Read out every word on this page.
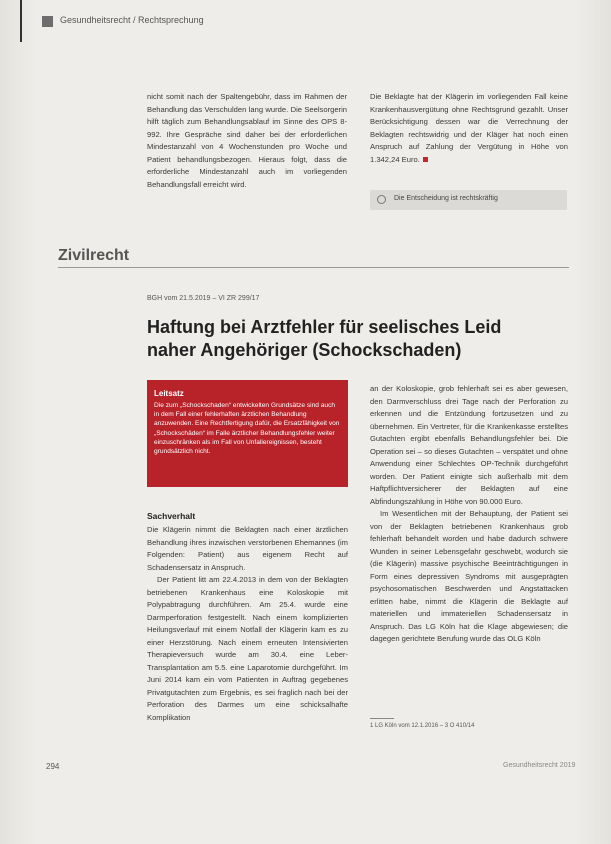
Gesundheitsrecht / Rechtsprechung

nicht somit nach der Spaltengebühr, dass im Rahmen der Behandlung das Verschulden lang wurde. Die Seelsorgerin hilft täglich zum Behandlungsablauf im Sinne des OPS 8-992. Ihre Gespräche sind daher bei der erforderlichen Mindestanzahl von 4 Wochenstunden pro Woche und Patient behandlungsbezogen. Hieraus folgt, dass die erforderliche Mindestanzahl auch im vorliegenden Behandlungsfall erreicht wird.

Die Beklagte hat der Klägerin im vorliegenden Fall keine Krankenhausvergütung ohne Rechtsgrund gezahlt. Unser Berücksichtigung dessen war die Verrechnung der Beklagten rechtswidrig und der Kläger hat noch einen Anspruch auf Zahlung der Vergütung in Höhe von 1.342,24 Euro.

Die Entscheidung ist rechtskräftig
Zivilrecht
BGH vom 21.5.2019 – VI ZR 299/17
Haftung bei Arztfehler für seelisches Leid naher Angehöriger (Schockschaden)
Leitsatz
Die zum „Schockschaden“ entwickelten Grundsätze sind auch in dem Fall einer fehlerhaften ärztlichen Behandlung anzuwenden. Eine Rechtfertigung dafür, die Ersatzfähigkeit von „Schockschäden“ im Falle ärztlicher Behandlungsfehler weiter einzuschränken als im Fall von Unfallereignissen, besteht grundsätzlich nicht.
Sachverhalt

Die Klägerin nimmt die Beklagten nach einer ärztlichen Behandlung ihres inzwischen verstorbenen Ehemannes (im Folgenden: Patient) aus eigenem Recht auf Schadensersatz in Anspruch.

Der Patient litt am 22.4.2013 in dem von der Beklagten betriebenen Krankenhaus eine Koloskopie mit Polypabtragung durchführen. Am 25.4. wurde eine Darmperforation festgestellt. Nach einem komplizierten Heilungsverlauf mit einem Notfall der Klägerin kam es zu einer Herzstörung. Nach einem erneuten Intensivierten Therapieversuch wurde am 30.4. eine Leber-Transplantation am 5.5. eine Laparotomie durchgeführt. Im Juni 2014 kam ein vom Patienten in Auftrag gegebenes Privatgutachten zum Ergebnis, es sei fraglich nach bei der Perforation des Darmes um eine schicksalhafte Komplikation

an der Koloskopie, grob fehlerhaft sei es aber gewesen, den Darmverschluss drei Tage nach der Perforation zu erkennen und die Entzündung fortzusetzen und zu übernehmen. Ein Vertreter, für die Krankenkasse erstelltes Gutachten ergibt ebenfalls Behandlungsfehler bei. Die Operation sei – so dieses Gutachten – verspätet und ohne Anwendung einer Schlechtes OP-Technik durchgeführt worden. Der Patient einigte sich außerhalb mit dem Haftpflichtversicherer der Beklagten auf eine Abfindungszahlung in Höhe von 90.000 Euro.

Im Wesentlichen mit der Behauptung, der Patient sei von der Beklagten betriebenen Krankenhaus grob fehlerhaft behandelt worden und habe dadurch schwere Wunden in seiner Lebensgefahr geschwebt, wodurch sie (die Klägerin) massive psychische Beeinträchtigungen in Form eines depressiven Syndroms mit ausgeprägten psychosomatischen Beschwerden und Angstattacken erlitten habe, nimmt die Klägerin die Beklagte auf materiellen und immateriellen Schadensersatz in Anspruch. Das LG Köln hat die Klage abgewiesen; die dagegen gerichtete Berufung wurde das OLG Köln

1 LG Köln vom 12.1.2016 – 3 O 410/14
294	Gesundheitsrecht 2019
